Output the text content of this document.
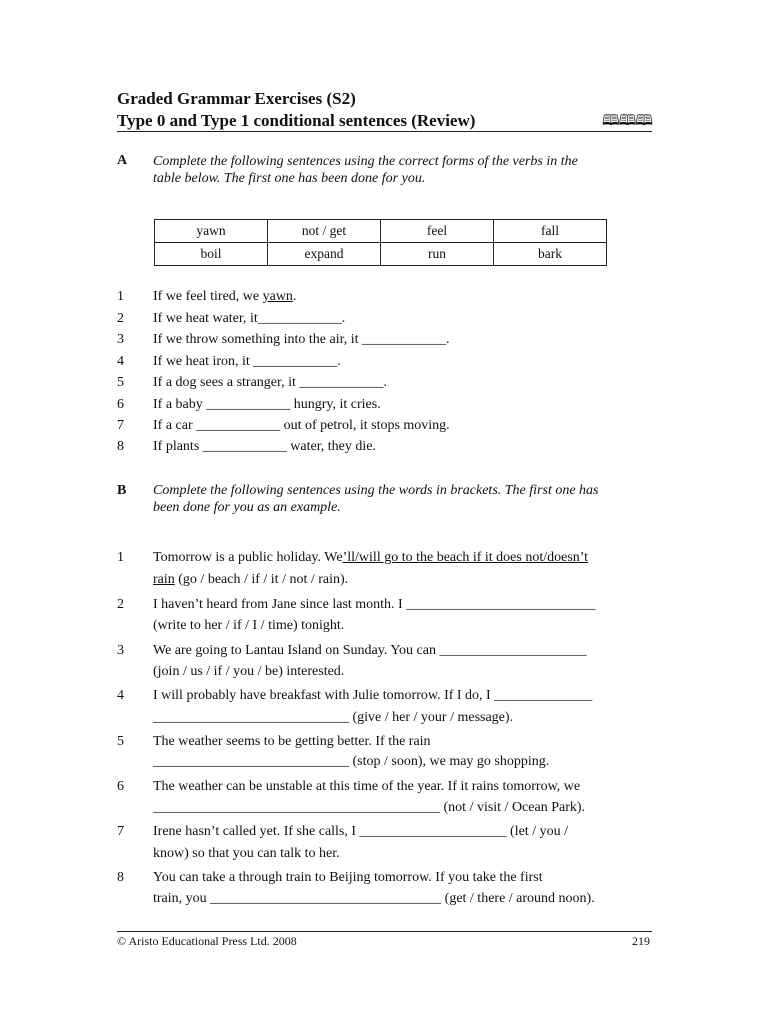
Graded Grammar Exercises (S2)
Type 0 and Type 1 conditional sentences (Review)	🕮🕮🕮
A Complete the following sentences using the correct forms of the verbs in the
table below. The first one has been done for you.
yawn	not / get	feel	fall
boil	expand	run	bark
1	If we feel tired, we yawn.
2	If we heat water, it____________.
3	If we throw something into the air, it ____________.
4	If we heat iron, it ____________.
5	If a dog sees a stranger, it ____________.
6	If a baby ____________ hungry, it cries.
7	If a car ____________ out of petrol, it stops moving.
8	If plants ____________ water, they die.
B Complete the following sentences using the words in brackets. The first one has
been done for you as an example.
1	Tomorrow is a public holiday. We’ll/will go to the beach if it does not/doesn’t
rain (go / beach / if / it / not / rain).
2	I haven’t heard from Jane since last month. I ___________________________
(write to her / if / I / time) tonight.
3	We are going to Lantau Island on Sunday. You can _____________________
(join / us / if / you / be) interested.
4	I will probably have breakfast with Julie tomorrow. If I do, I ______________
____________________________ (give / her / your / message).
5	The weather seems to be getting better. If the rain
____________________________ (stop / soon), we may go shopping.
6	The weather can be unstable at this time of the year. If it rains tomorrow, we
_________________________________________ (not / visit / Ocean Park).
7	Irene hasn’t called yet. If she calls, I _____________________ (let / you /
know) so that you can talk to her.
8	You can take a through train to Beijing tomorrow. If you take the first
train, you _________________________________ (get / there / around noon).
© Aristo Educational Press Ltd. 2008	219
